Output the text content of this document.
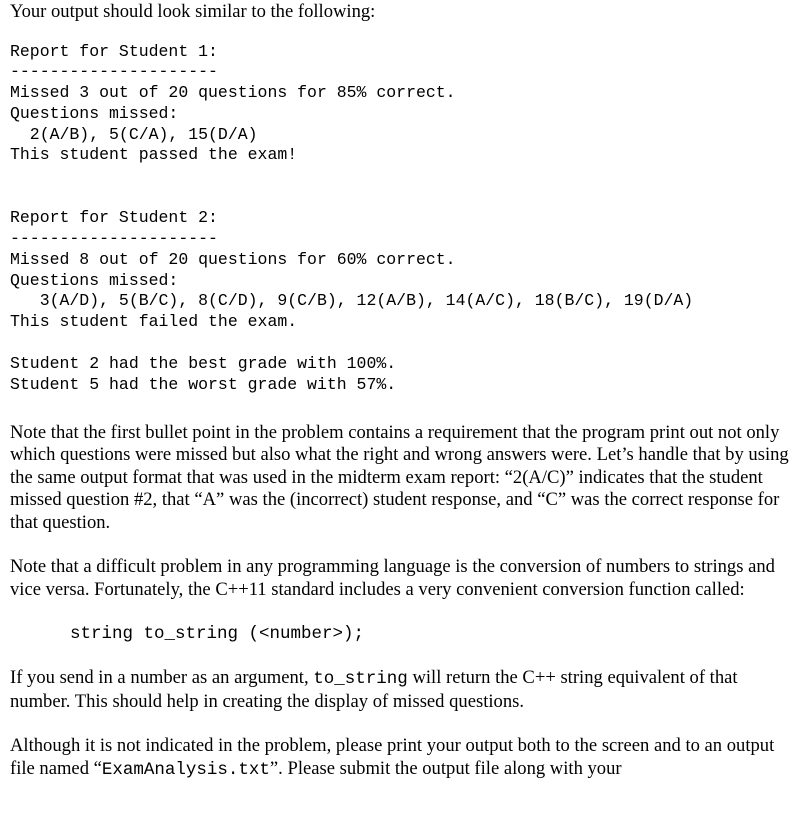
Your output should look similar to the following:
Report for Student 1:
---------------------
Missed 3 out of 20 questions for 85% correct.
Questions missed:
2(A/B), 5(C/A), 15(D/A)
This student passed the exam!
Report for Student 2:
---------------------
Missed 8 out of 20 questions for 60% correct.
Questions missed:
3(A/D), 5(B/C), 8(C/D), 9(C/B), 12(A/B), 14(A/C), 18(B/C), 19(D/A)
This student failed the exam.
Student 2 had the best grade with 100%.
Student 5 had the worst grade with 57%.

Note that the first bullet point in the problem contains a requirement that the program print out not only which questions were missed but also what the right and wrong answers were. Let’s handle that by using the same output format that was used in the midterm exam report: “2(A/C)” indicates that the student missed question #2, that “A” was the (incorrect) student response, and “C” was the correct response for that question.

Note that a difficult problem in any programming language is the conversion of numbers to strings and vice versa. Fortunately, the C++11 standard includes a very convenient conversion function called:

string to_string (<number>);

If you send in a number as an argument, to_string will return the C++ string equivalent of that number. This should help in creating the display of missed questions.

Although it is not indicated in the problem, please print your output both to the screen and to an output file named “ExamAnalysis.txt”. Please submit the output file along with your
